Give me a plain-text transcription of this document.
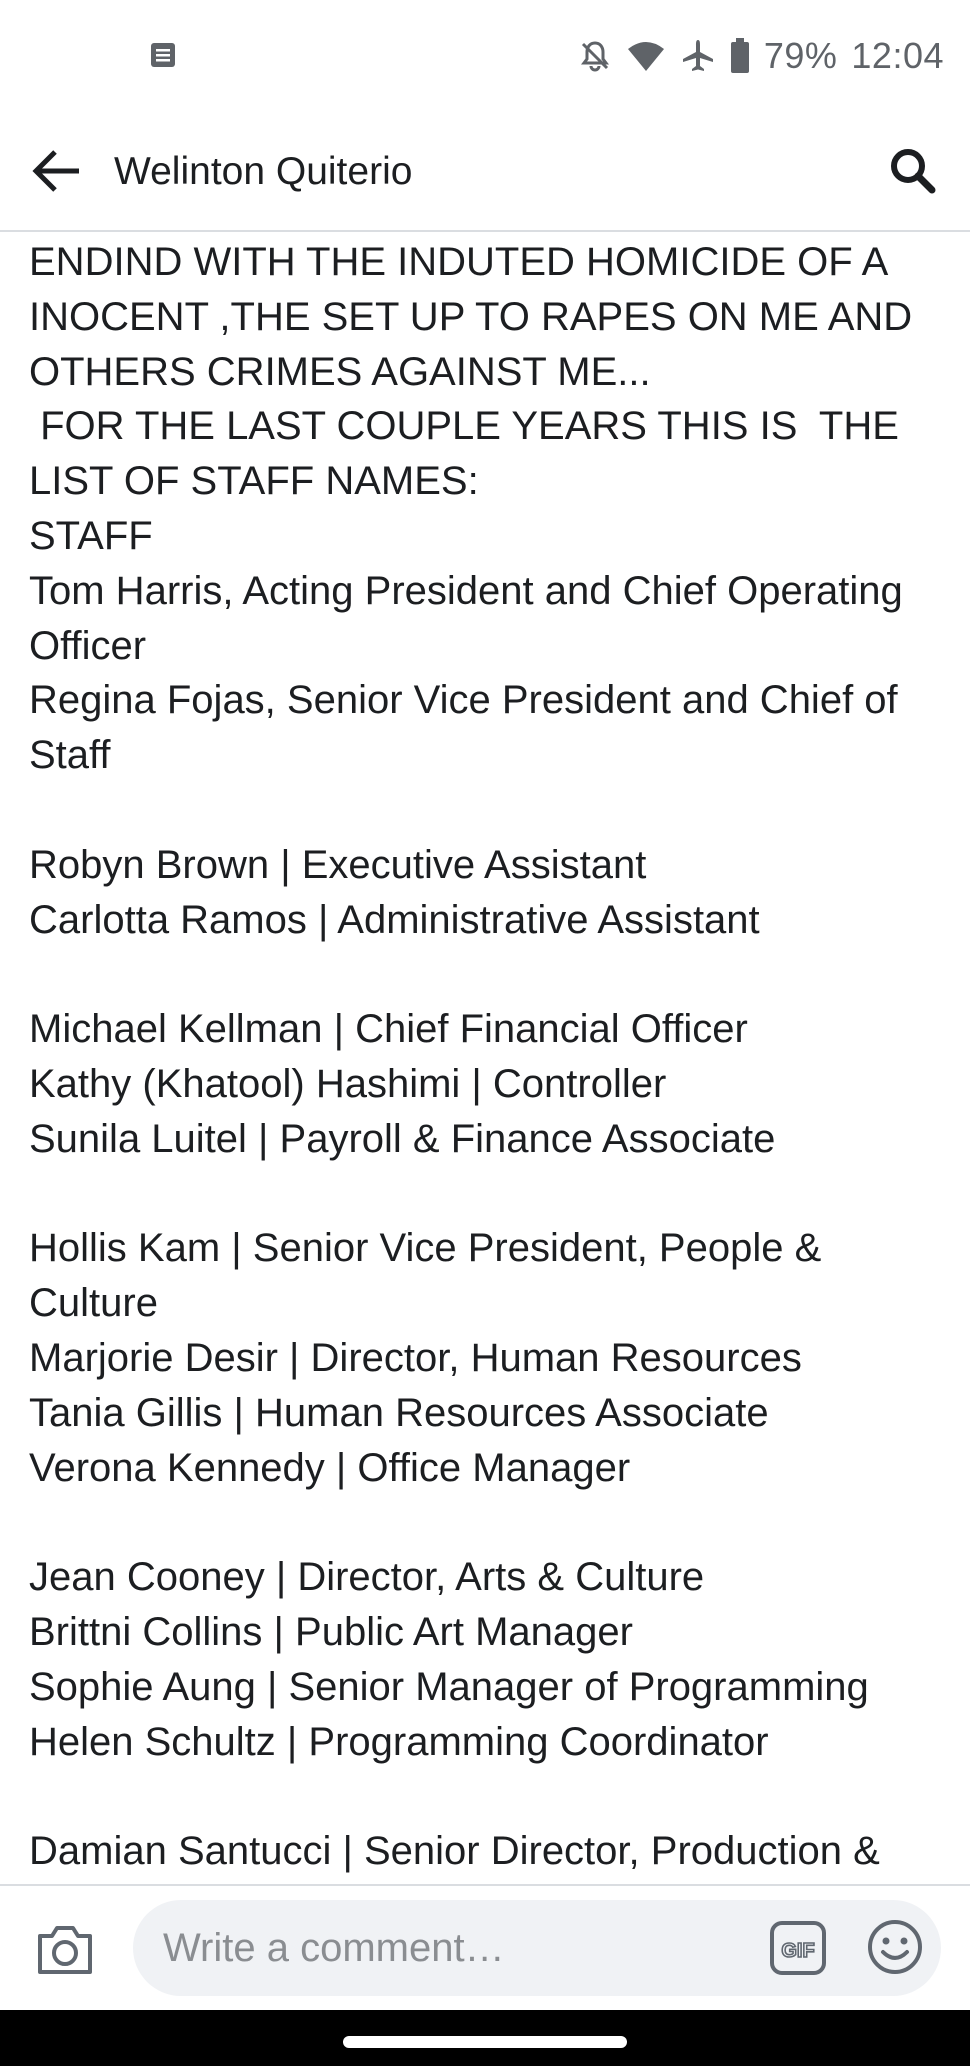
79% 12:04
Welinton Quiterio
ENDIND WITH THE INDUTED HOMICIDE OF A INOCENT ,THE SET UP TO RAPES ON ME AND OTHERS CRIMES AGAINST ME...
FOR THE LAST COUPLE YEARS THIS IS  THE LIST OF STAFF NAMES:
STAFF
Tom Harris, Acting President and Chief Operating Officer
Regina Fojas, Senior Vice President and Chief of Staff

Robyn Brown | Executive Assistant
Carlotta Ramos | Administrative Assistant

Michael Kellman | Chief Financial Officer
Kathy (Khatool) Hashimi | Controller
Sunila Luitel | Payroll & Finance Associate

Hollis Kam | Senior Vice President, People & Culture
Marjorie Desir | Director, Human Resources
Tania Gillis | Human Resources Associate
Verona Kennedy | Office Manager

Jean Cooney | Director, Arts & Culture
Brittni Collins | Public Art Manager
Sophie Aung | Senior Manager of Programming
Helen Schultz | Programming Coordinator

Damian Santucci | Senior Director, Production &
Write a comment…
GIF
